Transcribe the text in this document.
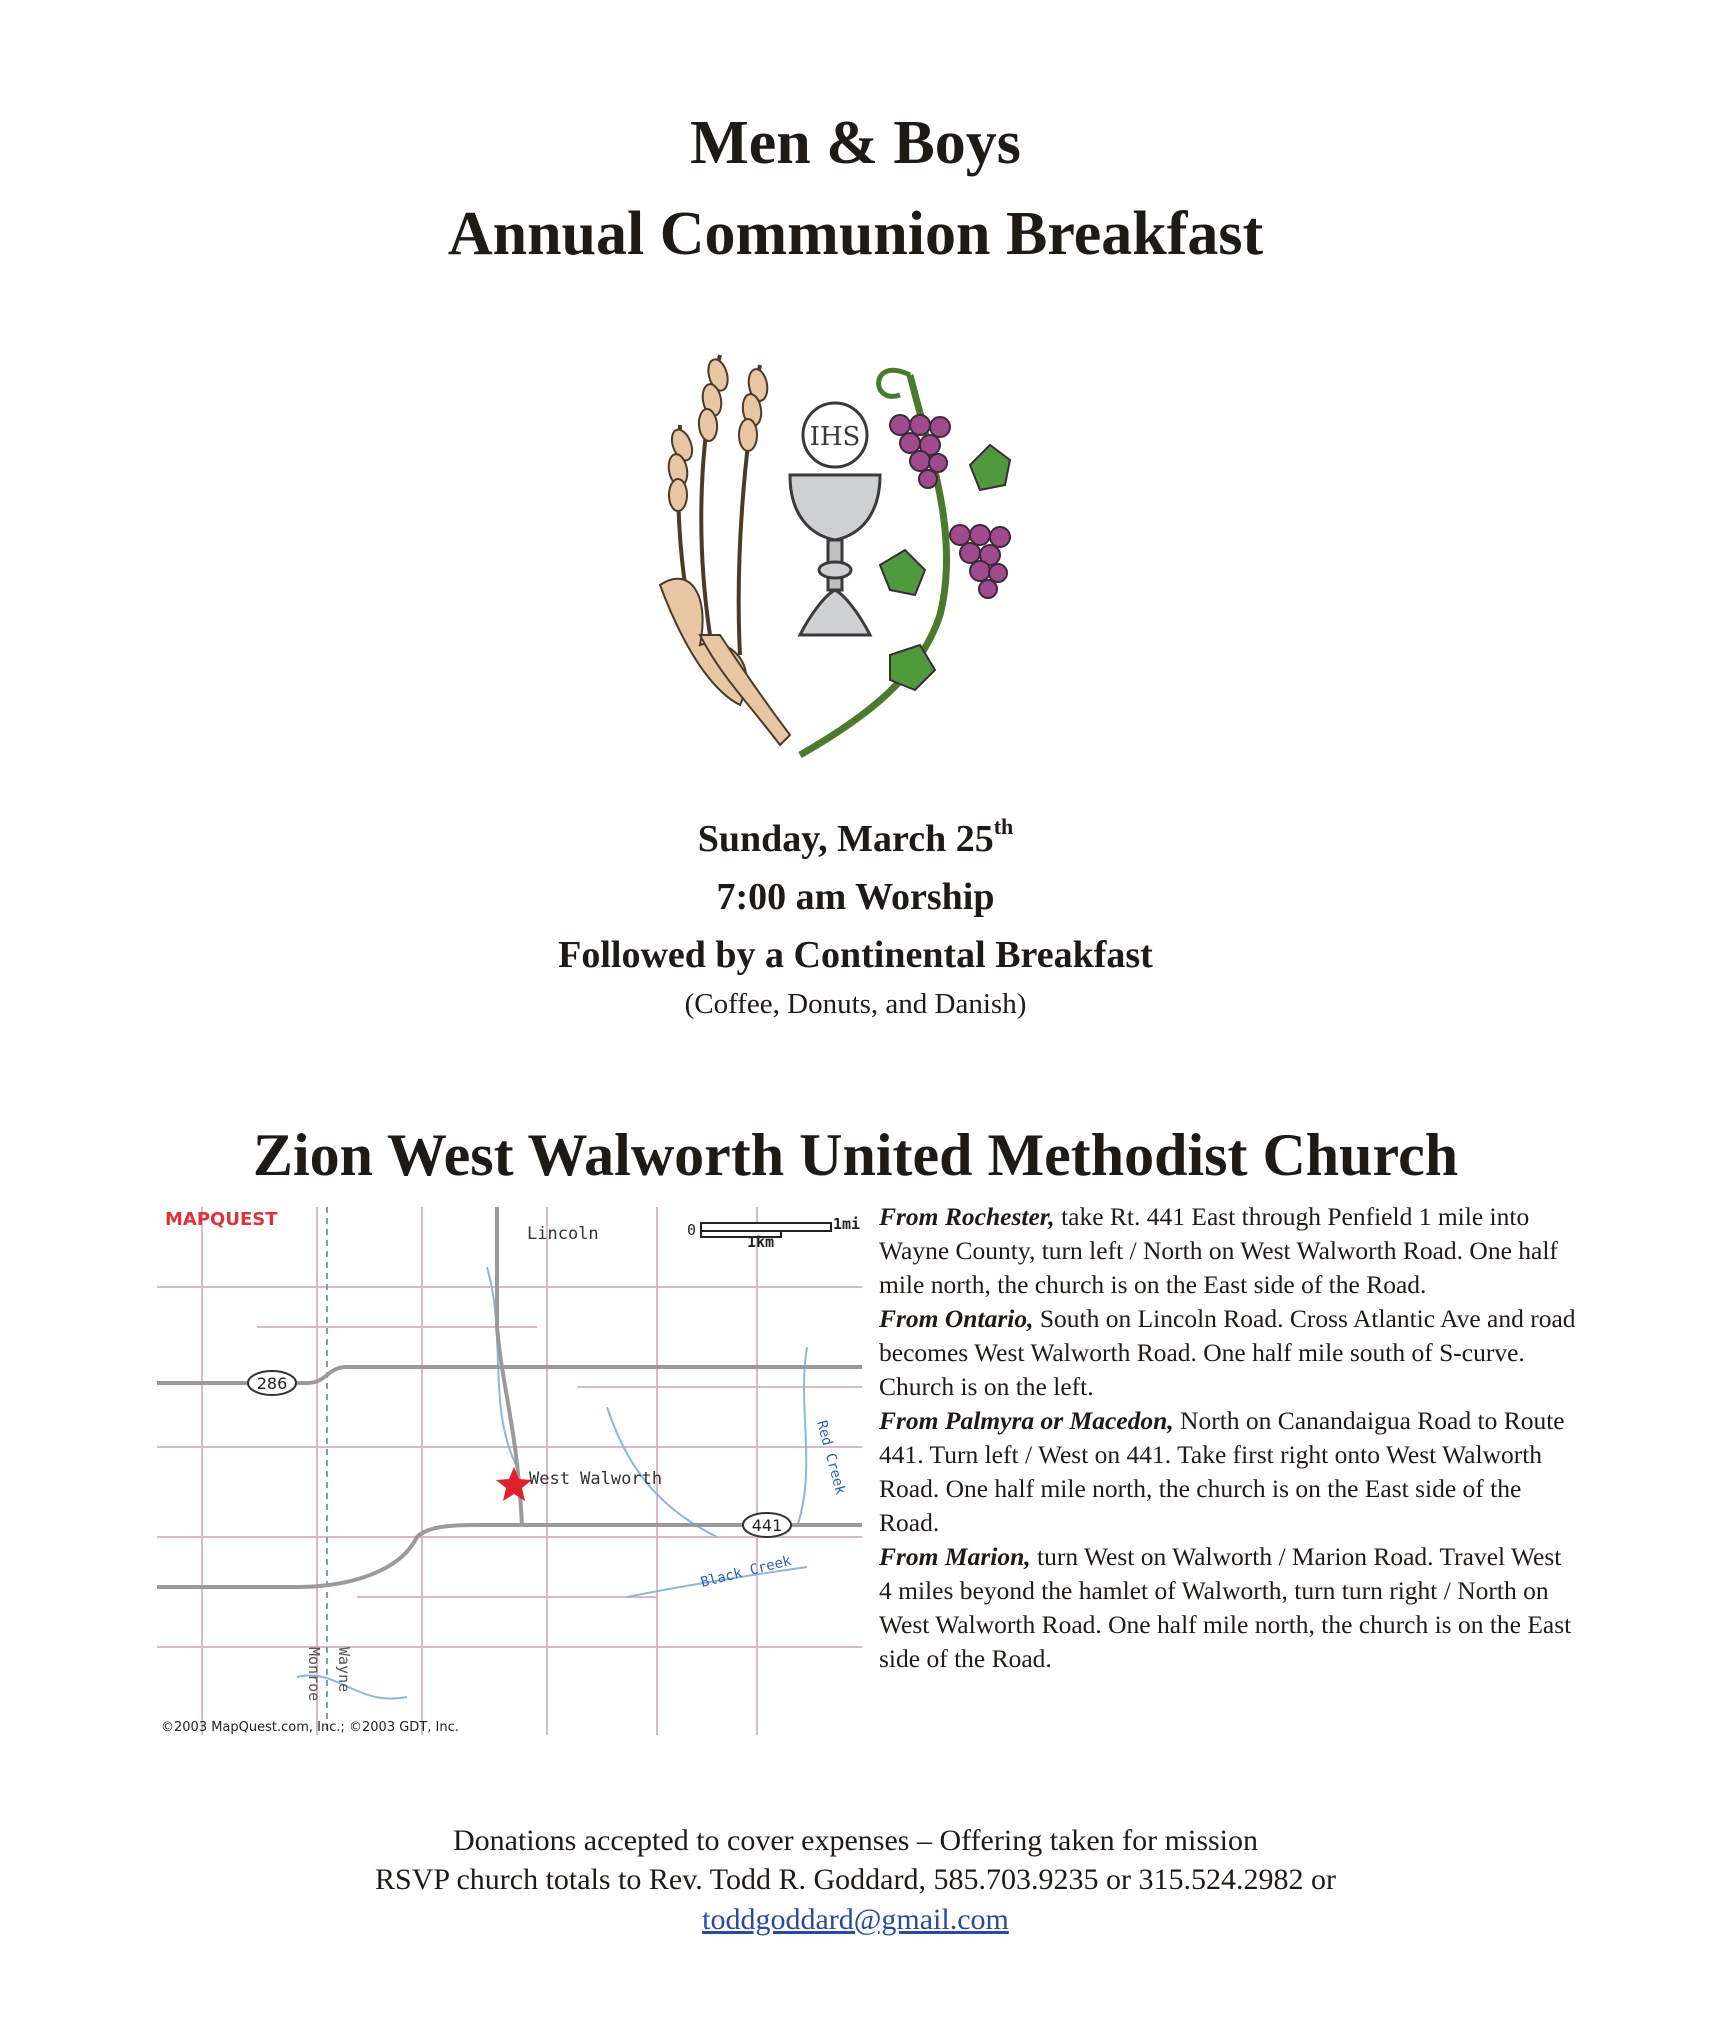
Men & Boys
Annual Communion Breakfast
IHS
Sunday, March 25th
7:00 am Worship
Followed by a Continental Breakfast
(Coffee, Donuts, and Danish)
Zion West Walworth United Methodist Church
286
441
MAPQUEST	0	1mi
1km
Lincoln
West Walworth	Red Creek
Black Creek
Monroe Wayne
©2003 MapQuest.com, Inc.; ©2003 GDT, Inc.

From Rochester, take Rt. 441 East through Penfield 1 mile into Wayne County, turn left / North on West Walworth Road. One half mile north, the church is on the East side of the Road.

From Ontario, South on Lincoln Road. Cross Atlantic Ave and road becomes West Walworth Road. One half mile south of S-curve. Church is on the left.

From Palmyra or Macedon, North on Canandaigua Road to Route 441. Turn left / West on 441. Take first right onto West Walworth Road. One half mile north, the church is on the East side of the Road.

From Marion, turn West on Walworth / Marion Road. Travel West 4 miles beyond the hamlet of Walworth, turn turn right / North on West Walworth Road. One half mile north, the church is on the East side of the Road.

Donations accepted to cover expenses – Offering taken for mission
RSVP church totals to Rev. Todd R. Goddard, 585.703.9235 or 315.524.2982 or
toddgoddard@gmail.com
